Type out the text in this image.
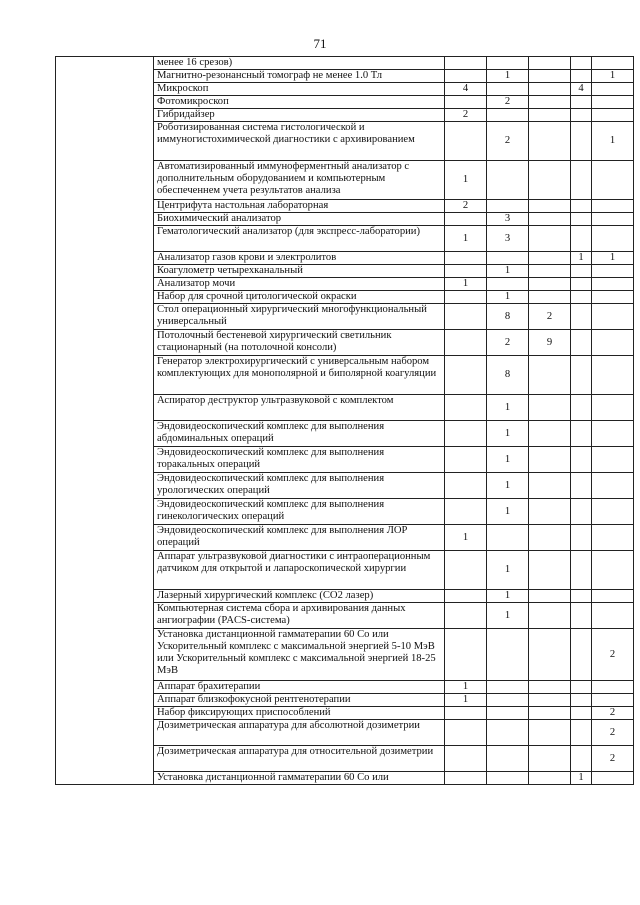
71
	менее 16 срезов)					
	Магнитно-резонансный томограф не менее 1.0 Тл		1			1
	Микроскоп	4			4	
	Фотомикроскоп		2			
	Гибридайзер	2				
	Роботизированная система гистологической и иммуногистохимической диагностики с архивированием		2			1
	Автоматизированный иммуноферментный анализатор с дополнительным оборудованием и компьютерным обеспеченнем учета результатов анализа	1				
	Центрифута настольная лабораторная	2				
	Биохимический анализатор		3			
	Гематологический анализатор (для экспресс-лаборатории)	1	3			
	Анализатор газов крови и электролитов				1	1
	Коагулометр четырехканальный		1			
	Анализатор мочи	1				
	Набор для срочной цитологической окраски		1			
	Стол операционный хирургический многофункциональный универсальный		8	2		
	Потолочный бестеневой хирургический светильник стационарный (на потолочной консоли)		2	9		
	Генератор электрохирургический с универсальным набором комплектующих для монополярной и биполярной коагуляции		8			
	Аспиратор деструктор ультразвуковой с комплектом		1			
	Эндовидеоскопический комплекс для выполнения абдоминальных операций		1			
	Эндовидеоскопический комплекс для выполнения торакальных операций		1			
	Эндовидеоскопический комплекс для выполнения урологических операций		1			
	Эндовидеоскопический комплекс для выполнения гинекологических операций		1			
	Эндовидеоскопический комплекс для выполнения ЛОР операций	1				
	Аппарат ультразвуковой диагностики с интраоперационным датчиком для открытой и лапароскопической хирургии		1			
	Лазерный хирургический комплекс (СО2 лазер)		1			
	Компьютерная система сбора и архивирования данных ангиографии (PACS-система)		1			
	Установка дистанционной гамматерапии 60 Со или Ускорительный комплекс с максимальной энергией 5-10 МэВ или Ускорительный комплекс с максимальной энергией 18-25 МэВ					2
	Аппарат брахитерапии	1				
	Аппарат близкофокусной рентгенотерапии	1				
	Набор фиксирующих приспособлений					2
	Дозиметрическая аппаратура для абсолютной дозиметрии					2
	Дозиметрическая аппаратура для относительной дозиметрии					2
	Установка дистанционной гамматерапии 60 Со или				1	
